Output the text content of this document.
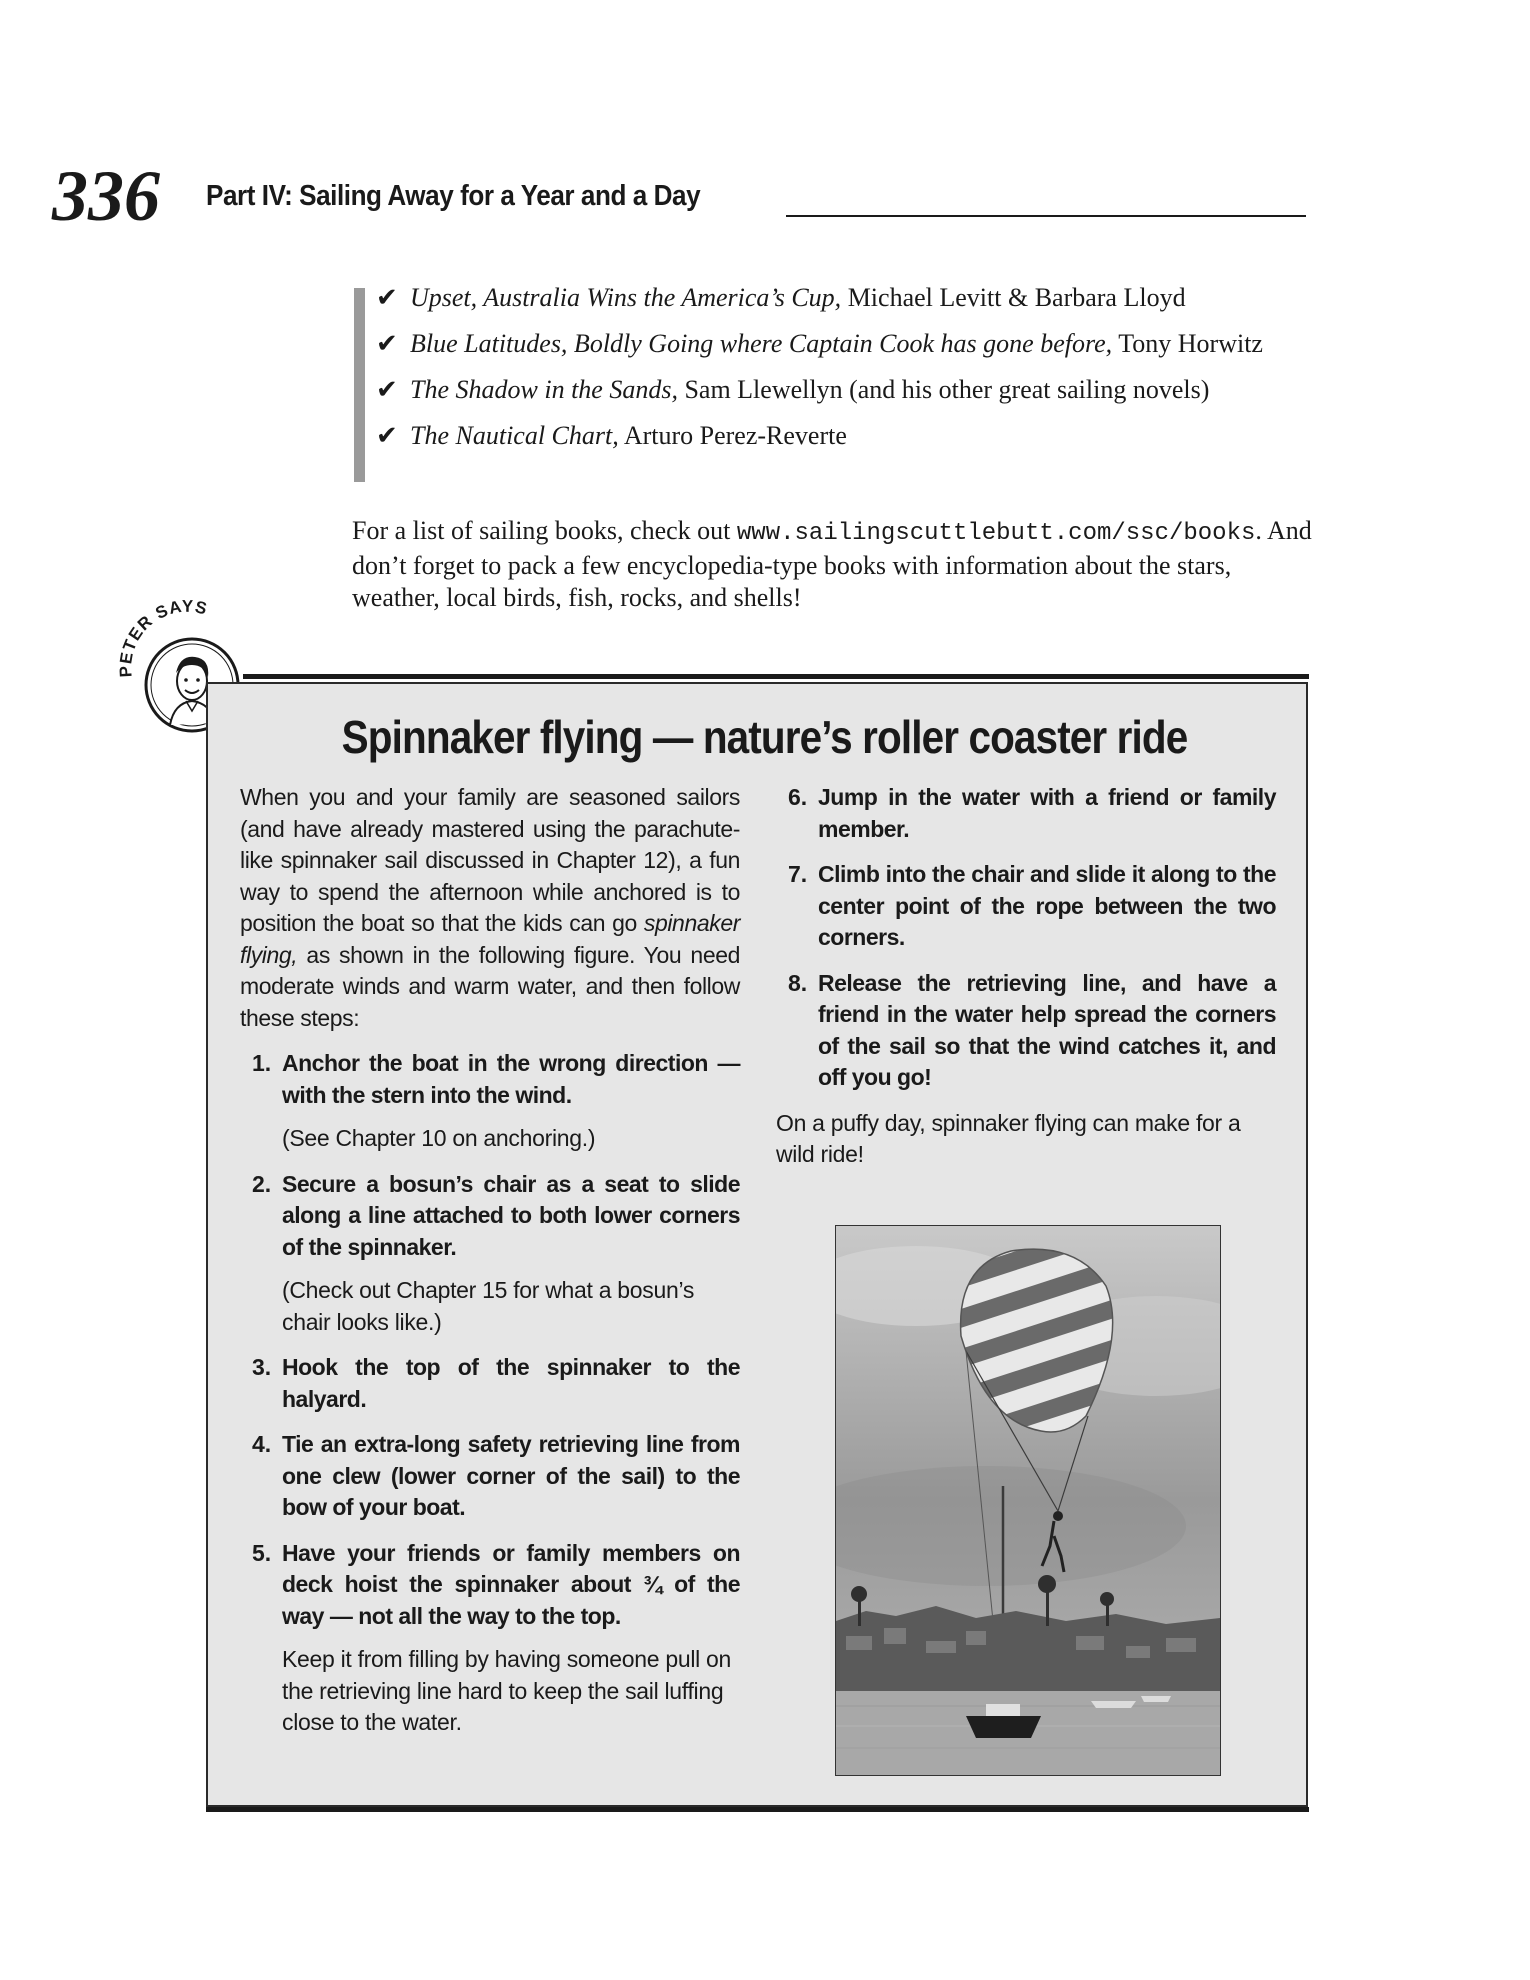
336 Part IV: Sailing Away for a Year and a Day
✔ Upset, Australia Wins the America’s Cup, Michael Levitt & Barbara Lloyd
✔ Blue Latitudes, Boldly Going where Captain Cook has gone before, Tony Horwitz
✔ The Shadow in the Sands, Sam Llewellyn (and his other great sailing novels)
✔ The Nautical Chart, Arturo Perez-Reverte

For a list of sailing books, check out www.sailingscuttlebutt.com/ssc/books. And don’t forget to pack a few encyclopedia-type books with information about the stars, weather, local birds, fish, rocks, and shells!

PETER SAYS
Spinnaker flying — nature’s roller coaster ride

When you and your family are seasoned sailors (and have already mastered using the parachute-like spinnaker sail discussed in Chapter 12), a fun way to spend the afternoon while anchored is to position the boat so that the kids can go spinnaker flying, as shown in the following figure. You need moderate winds and warm water, and then follow these steps:

1. Anchor the boat in the wrong direction — with the stern into the wind.
(See Chapter 10 on anchoring.)
2. Secure a bosun’s chair as a seat to slide along a line attached to both lower corners of the spinnaker.
(Check out Chapter 15 for what a bosun’s chair looks like.)
3. Hook the top of the spinnaker to the halyard.
4. Tie an extra-long safety retrieving line from one clew (lower corner of the sail) to the bow of your boat.
5. Have your friends or family members on deck hoist the spinnaker about ¾ of the way — not all the way to the top.
Keep it from filling by having someone pull on the retrieving line hard to keep the sail luffing close to the water.
6. Jump in the water with a friend or family member.
7. Climb into the chair and slide it along to the center point of the rope between the two corners.
8. Release the retrieving line, and have a friend in the water help spread the corners of the sail so that the wind catches it, and off you go!

On a puffy day, spinnaker flying can make for a wild ride!
